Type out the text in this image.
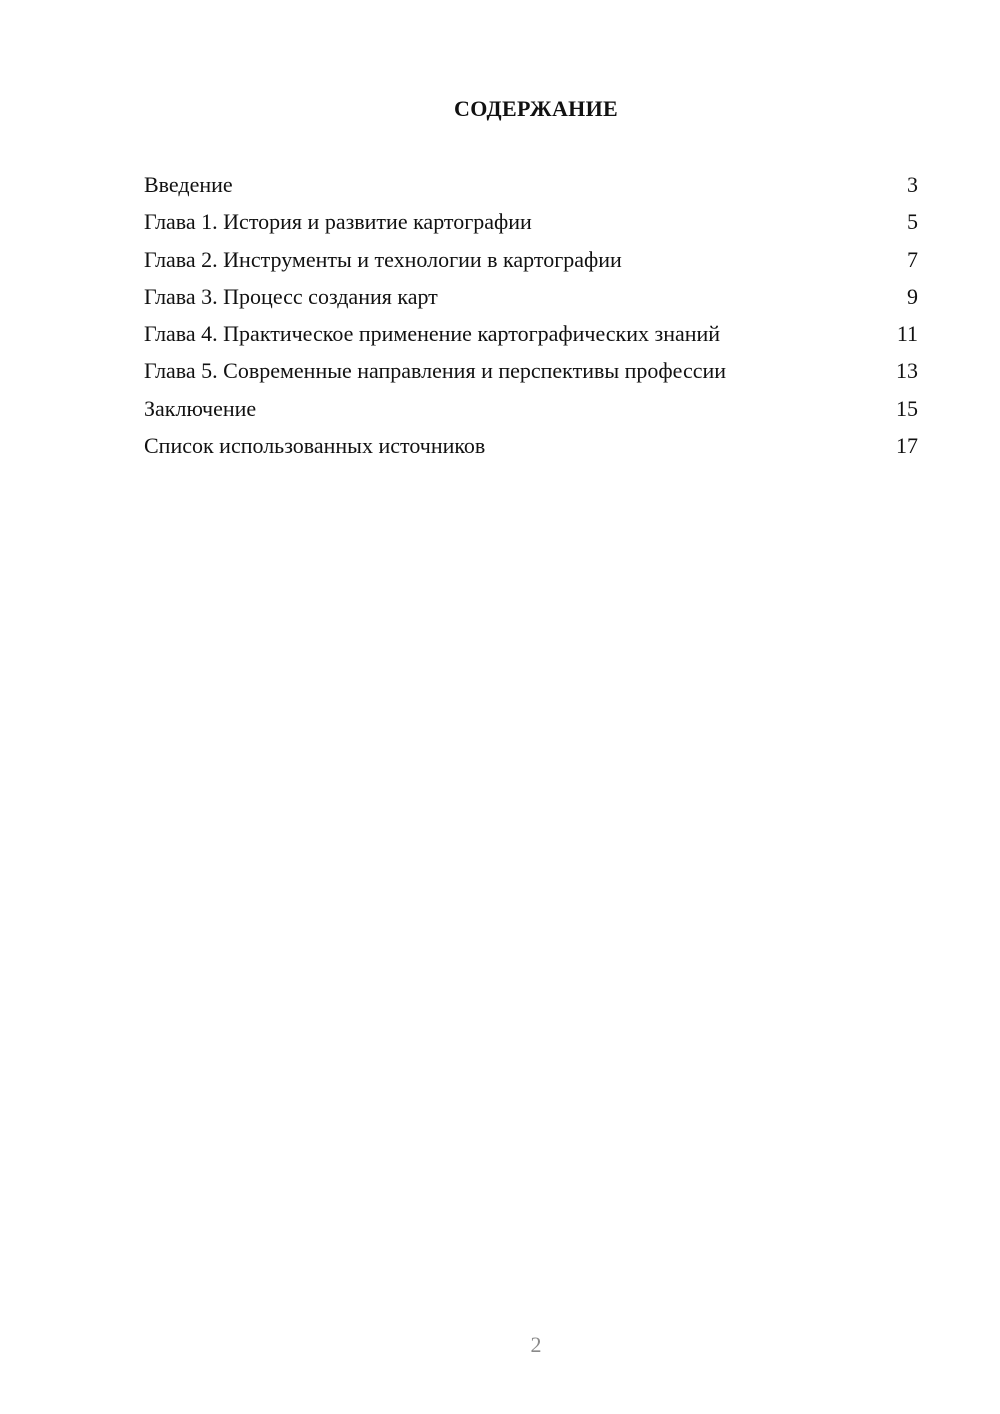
СОДЕРЖАНИЕ
Введение	3
Глава 1. История и развитие картографии	5
Глава 2. Инструменты и технологии в картографии	7
Глава 3. Процесс создания карт	9
Глава 4. Практическое применение картографических знаний	11
Глава 5. Современные направления и перспективы профессии	13
Заключение	15
Список использованных источников	17
2
